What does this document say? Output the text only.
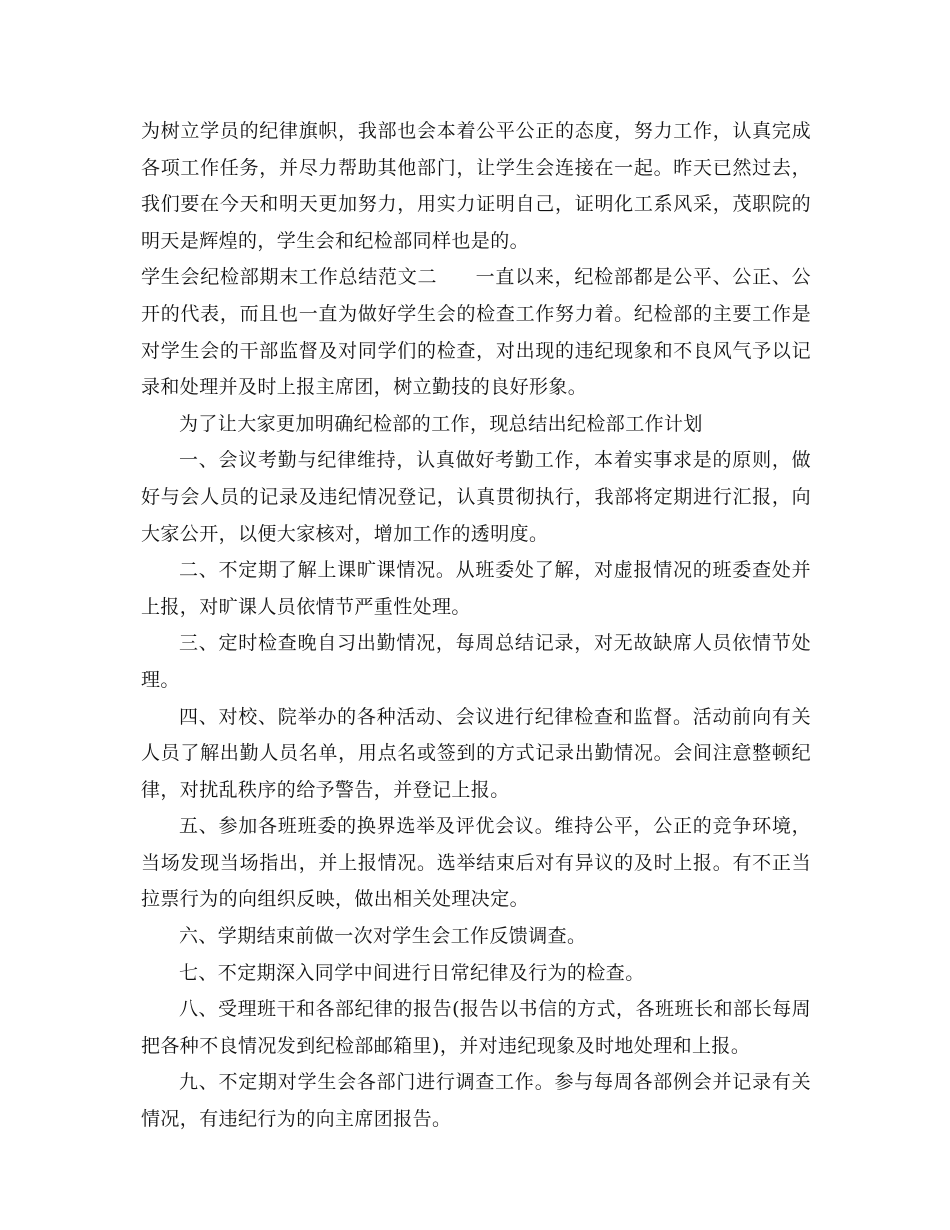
为树立学员的纪律旗帜，我部也会本着公平公正的态度，努力工作，认真完成各项工作任务，并尽力帮助其他部门，让学生会连接在一起。昨天已然过去，我们要在今天和明天更加努力，用实力证明自己，证明化工系风采，茂职院的明天是辉煌的，学生会和纪检部同样也是的。

学生会纪检部期末工作总结范文二 一直以来，纪检部都是公平、公正、公开的代表，而且也一直为做好学生会的检查工作努力着。纪检部的主要工作是对学生会的干部监督及对同学们的检查，对出现的违纪现象和不良风气予以记录和处理并及时上报主席团，树立勤技的良好形象。

为了让大家更加明确纪检部的工作，现总结出纪检部工作计划

一、会议考勤与纪律维持，认真做好考勤工作，本着实事求是的原则，做好与会人员的记录及违纪情况登记，认真贯彻执行，我部将定期进行汇报，向大家公开，以便大家核对，增加工作的透明度。

二、不定期了解上课旷课情况。从班委处了解，对虚报情况的班委查处并上报，对旷课人员依情节严重性处理。

三、定时检查晚自习出勤情况，每周总结记录，对无故缺席人员依情节处理。

四、对校、院举办的各种活动、会议进行纪律检查和监督。活动前向有关人员了解出勤人员名单，用点名或签到的方式记录出勤情况。会间注意整顿纪律，对扰乱秩序的给予警告，并登记上报。

五、参加各班班委的换界选举及评优会议。维持公平，公正的竞争环境，当场发现当场指出，并上报情况。选举结束后对有异议的及时上报。有不正当拉票行为的向组织反映，做出相关处理决定。

六、学期结束前做一次对学生会工作反馈调查。

七、不定期深入同学中间进行日常纪律及行为的检查。

八、受理班干和各部纪律的报告(报告以书信的方式，各班班长和部长每周把各种不良情况发到纪检部邮箱里)，并对违纪现象及时地处理和上报。

九、不定期对学生会各部门进行调查工作。参与每周各部例会并记录有关情况，有违纪行为的向主席团报告。
